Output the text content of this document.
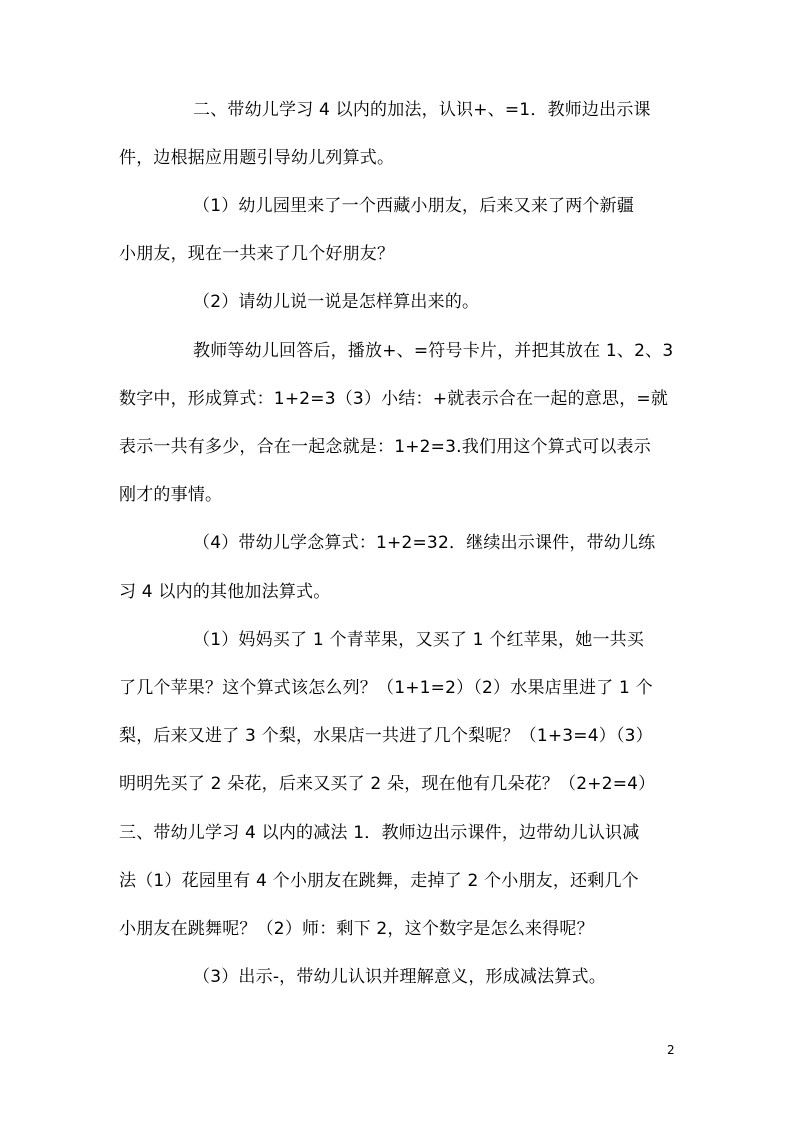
二、带幼儿学习 4 以内的加法，认识+、=1．教师边出示课
件，边根据应用题引导幼儿列算式。
（1）幼儿园里来了一个西藏小朋友，后来又来了两个新疆
小朋友，现在一共来了几个好朋友？
（2）请幼儿说一说是怎样算出来的。
教师等幼儿回答后，播放+、=符号卡片，并把其放在 1、2、3
数字中，形成算式：1+2=3（3）小结：+就表示合在一起的意思，=就
表示一共有多少，合在一起念就是：1+2=3.我们用这个算式可以表示
刚才的事情。
（4）带幼儿学念算式：1+2=32．继续出示课件，带幼儿练
习 4 以内的其他加法算式。
（1）妈妈买了 1 个青苹果，又买了 1 个红苹果，她一共买
了几个苹果？这个算式该怎么列？（1+1=2）（2）水果店里进了 1 个
梨，后来又进了 3 个梨，水果店一共进了几个梨呢？（1+3=4）（3）
明明先买了 2 朵花，后来又买了 2 朵，现在他有几朵花？（2+2=4）
三、带幼儿学习 4 以内的减法 1．教师边出示课件，边带幼儿认识减
法（1）花园里有 4 个小朋友在跳舞，走掉了 2 个小朋友，还剩几个
小朋友在跳舞呢？（2）师：剩下 2，这个数字是怎么来得呢？
（3）出示-，带幼儿认识并理解意义，形成减法算式。
2
